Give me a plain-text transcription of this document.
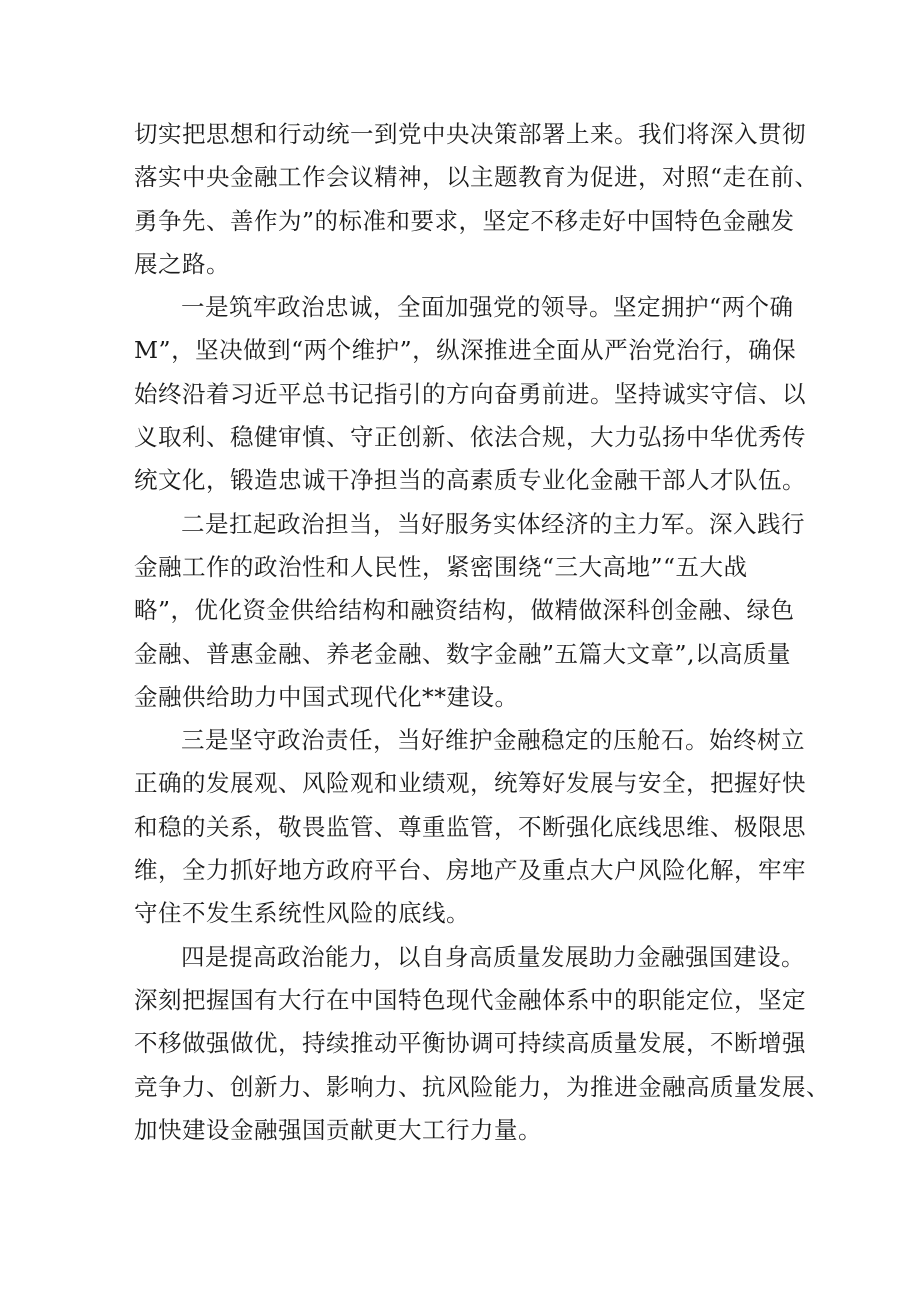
切实把思想和行动统一到党中央决策部署上来。我们将深入贯彻
落实中央金融工作会议精神，以主题教育为促进，对照“走在前、
勇争先、善作为”的标准和要求，坚定不移走好中国特色金融发
展之路。
一是筑牢政治忠诚，全面加强党的领导。坚定拥护“两个确
M”，坚决做到“两个维护”，纵深推进全面从严治党治行，确保
始终沿着习近平总书记指引的方向奋勇前进。坚持诚实守信、以
义取利、稳健审慎、守正创新、依法合规，大力弘扬中华优秀传
统文化，锻造忠诚干净担当的高素质专业化金融干部人才队伍。
二是扛起政治担当，当好服务实体经济的主力军。深入践行
金融工作的政治性和人民性，紧密围绕“三大高地”“五大战
略”，优化资金供给结构和融资结构，做精做深科创金融、绿色
金融、普惠金融、养老金融、数字金融”五篇大文章”,以高质量
金融供给助力中国式现代化**建设。
三是坚守政治责任，当好维护金融稳定的压舱石。始终树立
正确的发展观、风险观和业绩观，统筹好发展与安全，把握好快
和稳的关系，敬畏监管、尊重监管，不断强化底线思维、极限思
维，全力抓好地方政府平台、房地产及重点大户风险化解，牢牢
守住不发生系统性风险的底线。
四是提高政治能力，以自身高质量发展助力金融强国建设。
深刻把握国有大行在中国特色现代金融体系中的职能定位，坚定
不移做强做优，持续推动平衡协调可持续高质量发展，不断增强
竞争力、创新力、影响力、抗风险能力，为推进金融高质量发展、
加快建设金融强国贡献更大工行力量。
